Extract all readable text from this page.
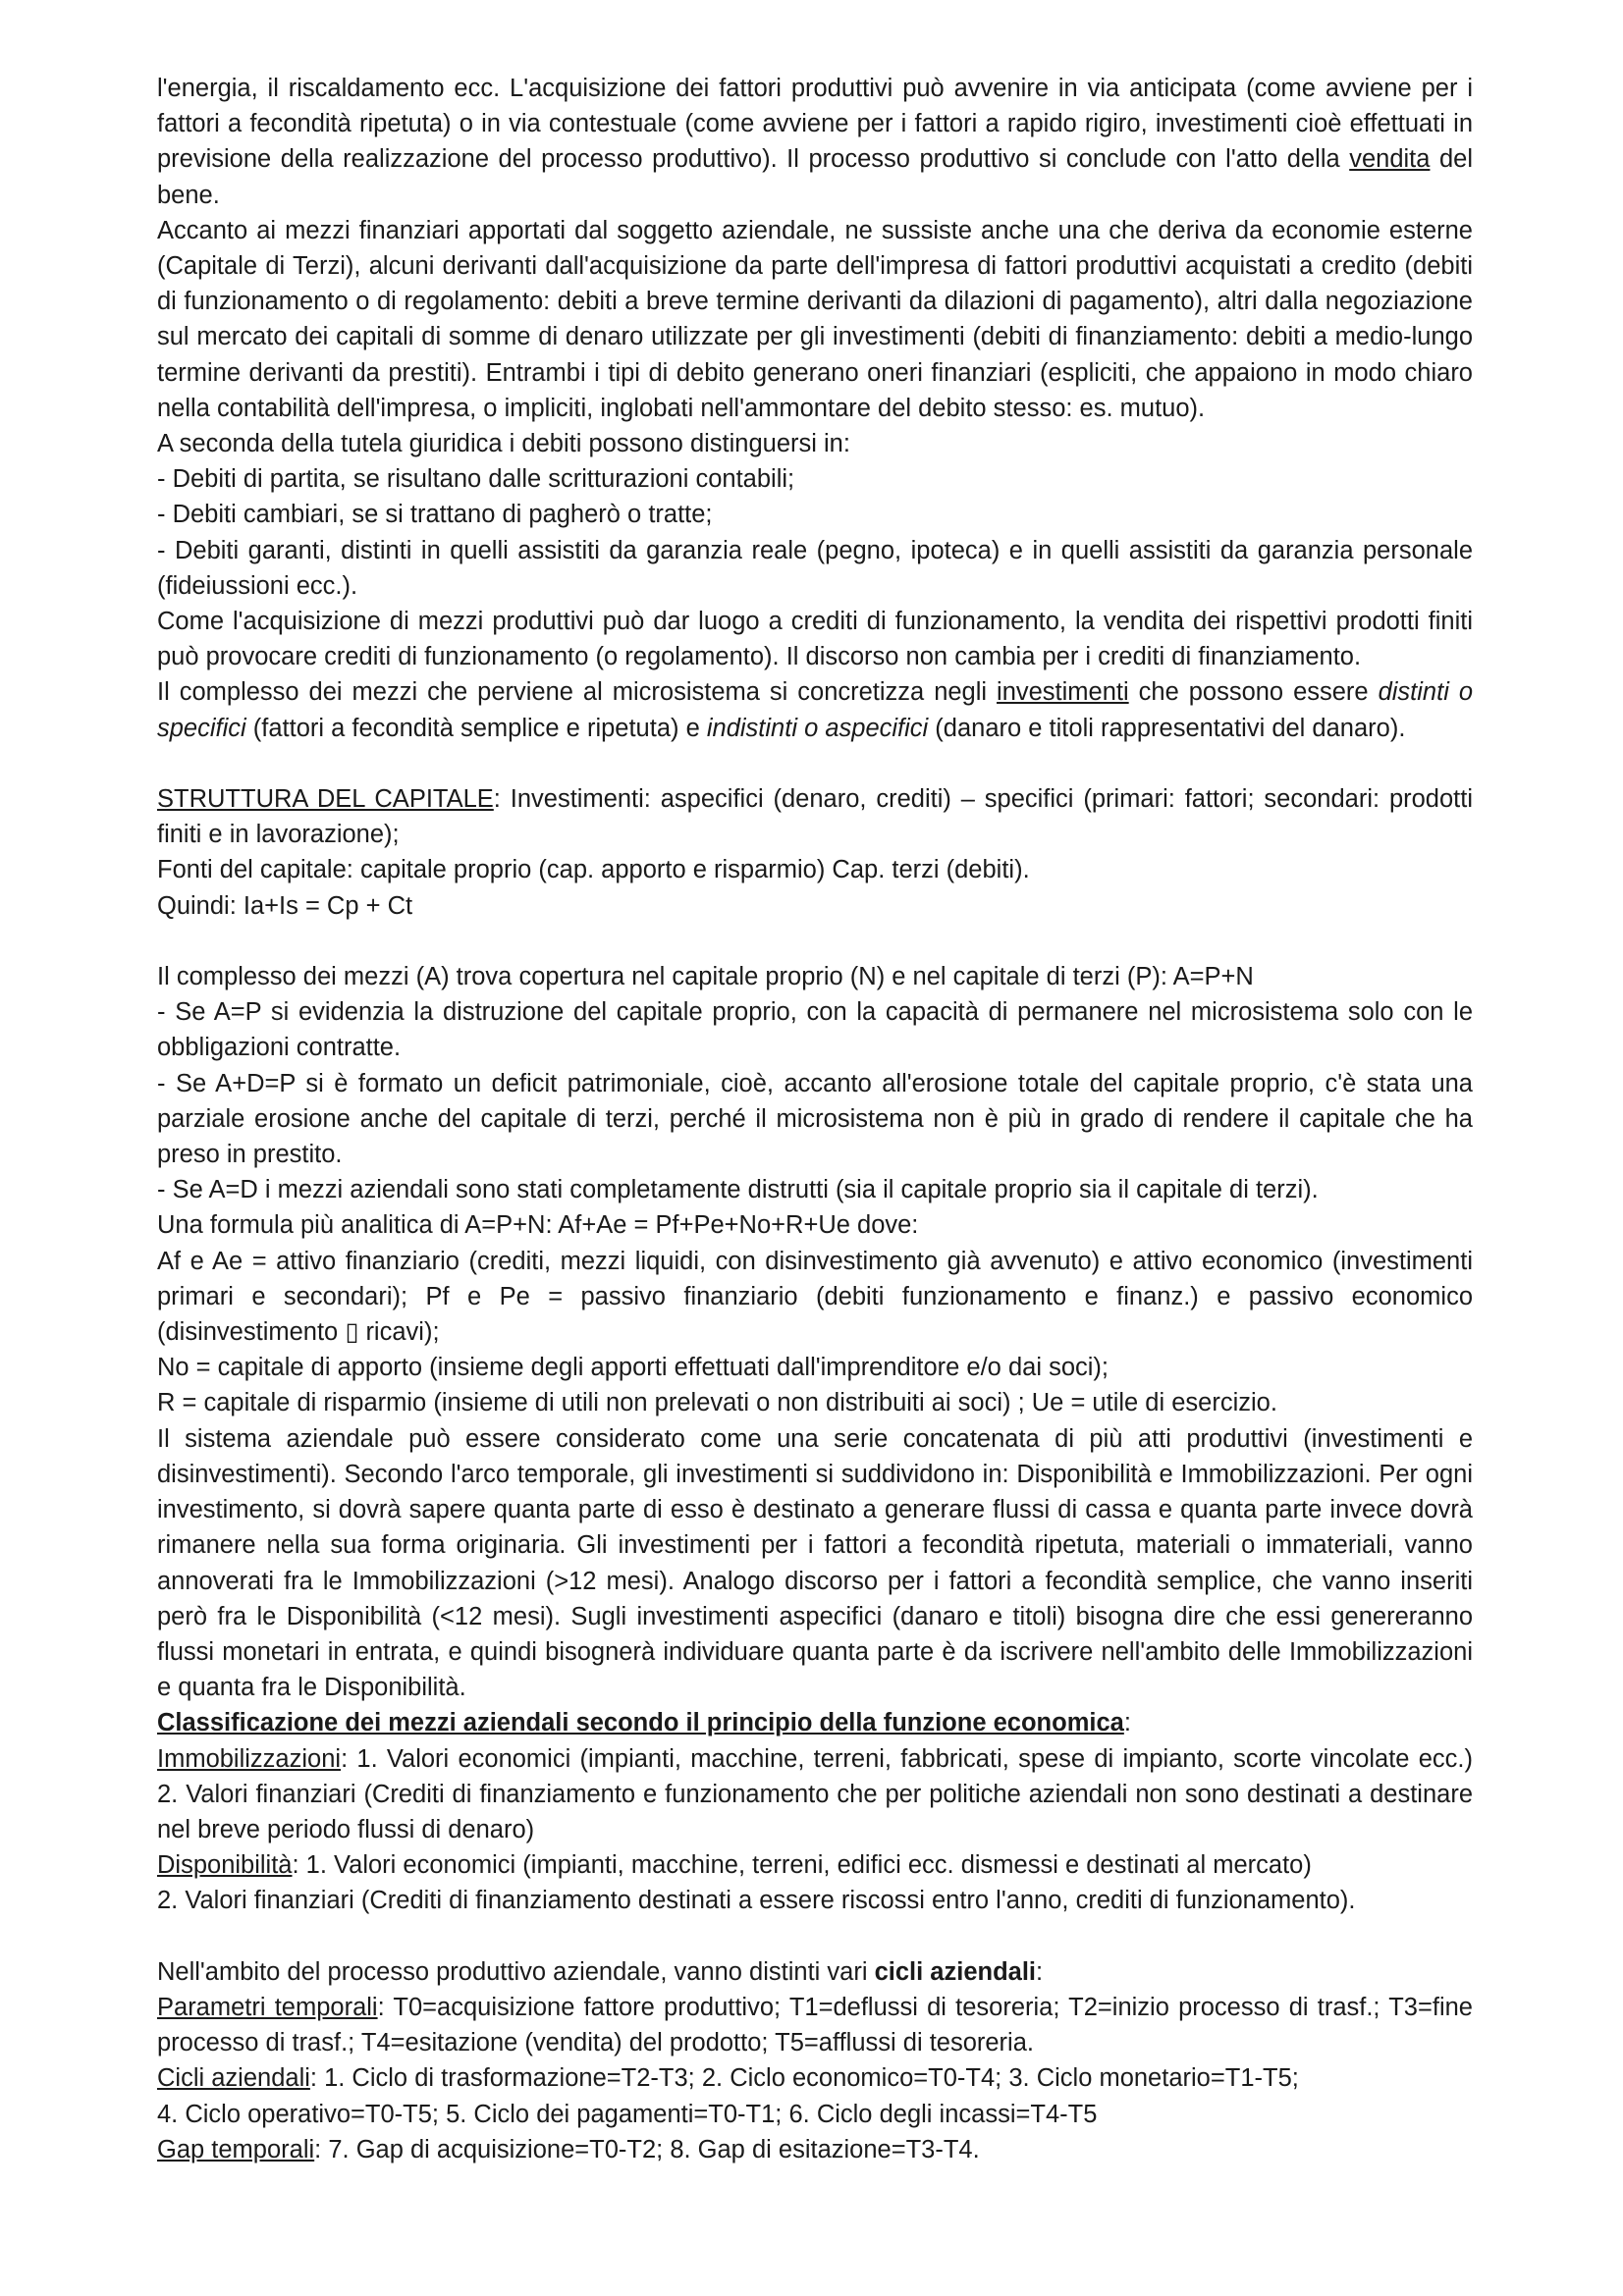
l'energia, il riscaldamento ecc. L'acquisizione dei fattori produttivi può avvenire in via anticipata (come avviene per i fattori a fecondità ripetuta) o in via contestuale (come avviene per i fattori a rapido rigiro, investimenti cioè effettuati in previsione della realizzazione del processo produttivo). Il processo produttivo si conclude con l'atto della vendita del bene.

Accanto ai mezzi finanziari apportati dal soggetto aziendale, ne sussiste anche una che deriva da economie esterne (Capitale di Terzi), alcuni derivanti dall'acquisizione da parte dell'impresa di fattori produttivi acquistati a credito (debiti di funzionamento o di regolamento: debiti a breve termine derivanti da dilazioni di pagamento), altri dalla negoziazione sul mercato dei capitali di somme di denaro utilizzate per gli investimenti (debiti di finanziamento: debiti a medio-lungo termine derivanti da prestiti). Entrambi i tipi di debito generano oneri finanziari (espliciti, che appaiono in modo chiaro nella contabilità dell'impresa, o impliciti, inglobati nell'ammontare del debito stesso: es. mutuo).

A seconda della tutela giuridica i debiti possono distinguersi in:

- Debiti di partita, se risultano dalle scritturazioni contabili;

- Debiti cambiari, se si trattano di pagherò o tratte;

- Debiti garanti, distinti in quelli assistiti da garanzia reale (pegno, ipoteca) e in quelli assistiti da garanzia personale (fideiussioni ecc.).

Come l'acquisizione di mezzi produttivi può dar luogo a crediti di funzionamento, la vendita dei rispettivi prodotti finiti può provocare crediti di funzionamento (o regolamento). Il discorso non cambia per i crediti di finanziamento.

Il complesso dei mezzi che perviene al microsistema si concretizza negli investimenti che possono essere distinti o specifici (fattori a fecondità semplice e ripetuta) e indistinti o aspecifici (danaro e titoli rappresentativi del danaro).

STRUTTURA DEL CAPITALE: Investimenti: aspecifici (denaro, crediti) – specifici (primari: fattori; secondari: prodotti finiti e in lavorazione);

Fonti del capitale: capitale proprio (cap. apporto e risparmio) Cap. terzi (debiti).

Quindi: Ia+Is = Cp + Ct

Il complesso dei mezzi (A) trova copertura nel capitale proprio (N) e nel capitale di terzi (P): A=P+N

- Se A=P si evidenzia la distruzione del capitale proprio, con la capacità di permanere nel microsistema solo con le obbligazioni contratte.

- Se A+D=P si è formato un deficit patrimoniale, cioè, accanto all'erosione totale del capitale proprio, c'è stata una parziale erosione anche del capitale di terzi, perché il microsistema non è più in grado di rendere il capitale che ha preso in prestito.

- Se A=D i mezzi aziendali sono stati completamente distrutti (sia il capitale proprio sia il capitale di terzi).

Una formula più analitica di A=P+N: Af+Ae = Pf+Pe+No+R+Ue dove:

Af e Ae = attivo finanziario (crediti, mezzi liquidi, con disinvestimento già avvenuto) e attivo economico (investimenti primari e secondari); Pf e Pe = passivo finanziario (debiti funzionamento e finanz.) e passivo economico (disinvestimento ▯ ricavi);

No = capitale di apporto (insieme degli apporti effettuati dall'imprenditore e/o dai soci);

R = capitale di risparmio (insieme di utili non prelevati o non distribuiti ai soci) ; Ue = utile di esercizio.

Il sistema aziendale può essere considerato come una serie concatenata di più atti produttivi (investimenti e disinvestimenti). Secondo l'arco temporale, gli investimenti si suddividono in: Disponibilità e Immobilizzazioni. Per ogni investimento, si dovrà sapere quanta parte di esso è destinato a generare flussi di cassa e quanta parte invece dovrà rimanere nella sua forma originaria. Gli investimenti per i fattori a fecondità ripetuta, materiali o immateriali, vanno annoverati fra le Immobilizzazioni (>12 mesi). Analogo discorso per i fattori a fecondità semplice, che vanno inseriti però fra le Disponibilità (<12 mesi). Sugli investimenti aspecifici (danaro e titoli) bisogna dire che essi genereranno flussi monetari in entrata, e quindi bisognerà individuare quanta parte è da iscrivere nell'ambito delle Immobilizzazioni e quanta fra le Disponibilità.

Classificazione dei mezzi aziendali secondo il principio della funzione economica:

Immobilizzazioni: 1. Valori economici (impianti, macchine, terreni, fabbricati, spese di impianto, scorte vincolate ecc.) 2. Valori finanziari (Crediti di finanziamento e funzionamento che per politiche aziendali non sono destinati a destinare nel breve periodo flussi di denaro)

Disponibilità: 1. Valori economici (impianti, macchine, terreni, edifici ecc. dismessi e destinati al mercato)

2. Valori finanziari (Crediti di finanziamento destinati a essere riscossi entro l'anno, crediti di funzionamento).

Nell'ambito del processo produttivo aziendale, vanno distinti vari cicli aziendali:

Parametri temporali: T0=acquisizione fattore produttivo; T1=deflussi di tesoreria; T2=inizio processo di trasf.; T3=fine processo di trasf.; T4=esitazione (vendita) del prodotto; T5=afflussi di tesoreria.

Cicli aziendali: 1. Ciclo di trasformazione=T2-T3; 2. Ciclo economico=T0-T4; 3. Ciclo monetario=T1-T5;

4. Ciclo operativo=T0-T5; 5. Ciclo dei pagamenti=T0-T1; 6. Ciclo degli incassi=T4-T5

Gap temporali: 7. Gap di acquisizione=T0-T2; 8. Gap di esitazione=T3-T4.
